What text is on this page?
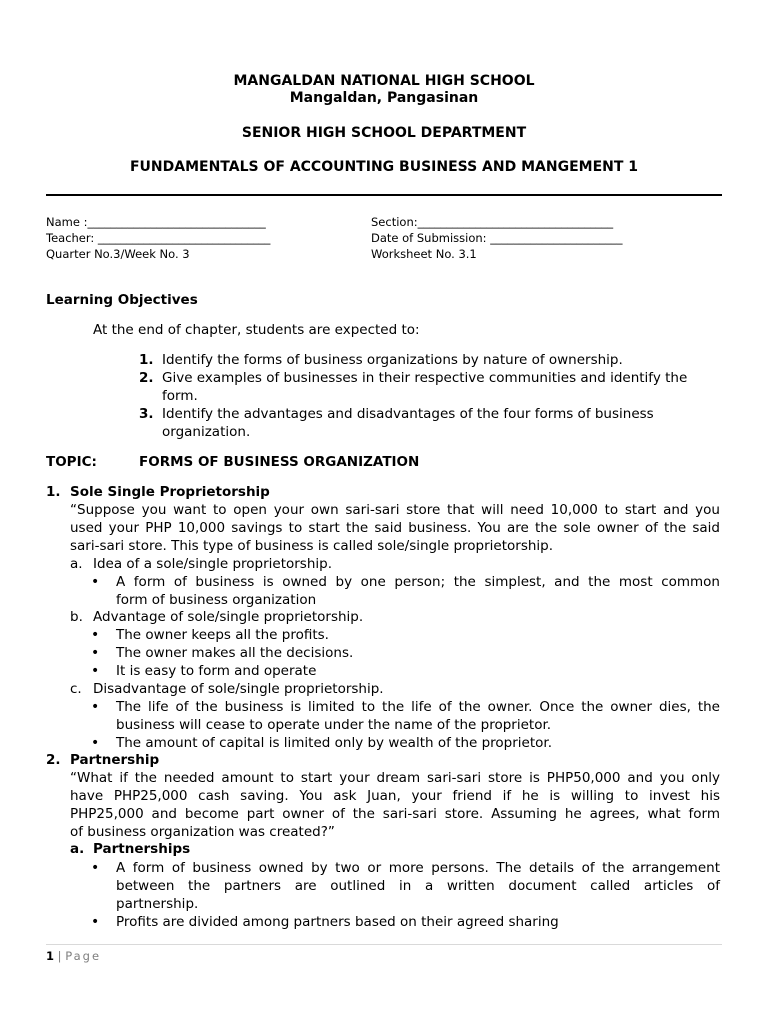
MANGALDAN NATIONAL HIGH SCHOOL
Mangaldan, Pangasinan
SENIOR HIGH SCHOOL DEPARTMENT
FUNDAMENTALS OF ACCOUNTING BUSINESS AND MANGEMENT 1
Name :_______________________________
Teacher: ______________________________
Quarter No.3/Week No. 3
Section:__________________________________
Date of Submission: _______________________
Worksheet No. 3.1
Learning Objectives
At the end of chapter, students are expected to:
1. Identify the forms of business organizations by nature of ownership.
2. Give examples of businesses in their respective communities and identify the
form.
3. Identify the advantages and disadvantages of the four forms of business
organization.
TOPIC:	FORMS OF BUSINESS ORGANIZATION
1. Sole Single Proprietorship
“Suppose you want to open your own sari-sari store that will need 10,000 to start and you
used your PHP 10,000 savings to start the said business. You are the sole owner of the said
sari-sari store. This type of business is called sole/single proprietorship.
a. Idea of a sole/single proprietorship.
• A form of business is owned by one person; the simplest, and the most common
form of business organization
b. Advantage of sole/single proprietorship.
• The owner keeps all the profits.
• The owner makes all the decisions.
• It is easy to form and operate
c. Disadvantage of sole/single proprietorship.
• The life of the business is limited to the life of the owner. Once the owner dies, the
business will cease to operate under the name of the proprietor.
• The amount of capital is limited only by wealth of the proprietor.
2. Partnership
“What if the needed amount to start your dream sari-sari store is PHP50,000 and you only
have PHP25,000 cash saving. You ask Juan, your friend if he is willing to invest his
PHP25,000 and become part owner of the sari-sari store. Assuming he agrees, what form
of business organization was created?”
a. Partnerships
• A form of business owned by two or more persons. The details of the arrangement
between the partners are outlined in a written document called articles of
partnership.
• Profits are divided among partners based on their agreed sharing
1 | Page
